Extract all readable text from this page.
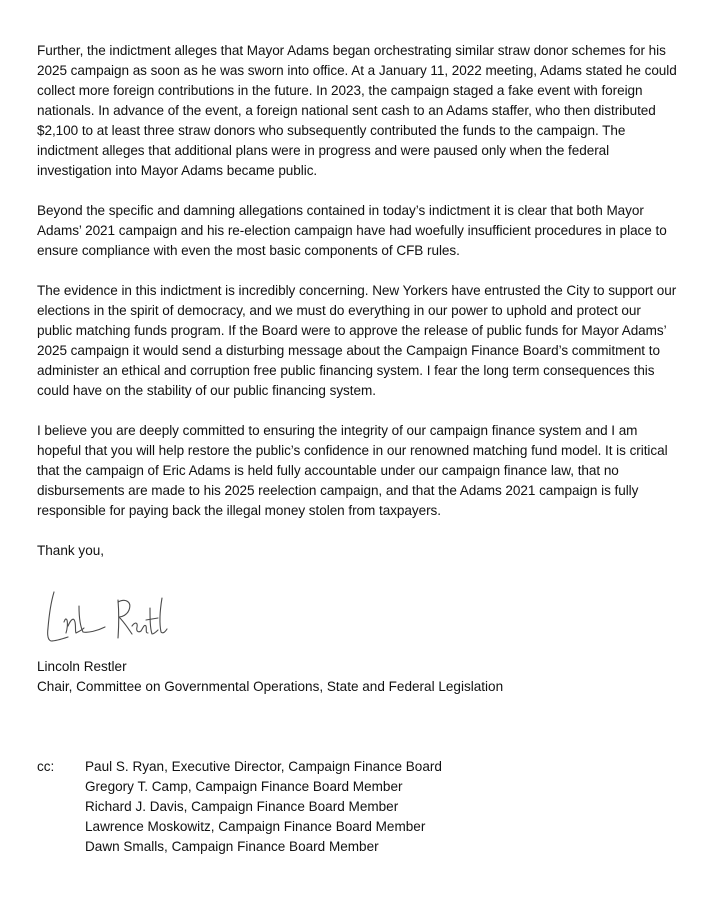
Further, the indictment alleges that Mayor Adams began orchestrating similar straw donor schemes for his 2025 campaign as soon as he was sworn into office. At a January 11, 2022 meeting, Adams stated he could collect more foreign contributions in the future. In 2023, the campaign staged a fake event with foreign nationals. In advance of the event, a foreign national sent cash to an Adams staffer, who then distributed $2,100 to at least three straw donors who subsequently contributed the funds to the campaign. The indictment alleges that additional plans were in progress and were paused only when the federal investigation into Mayor Adams became public.

Beyond the specific and damning allegations contained in today’s indictment it is clear that both Mayor Adams’ 2021 campaign and his re-election campaign have had woefully insufficient procedures in place to ensure compliance with even the most basic components of CFB rules.

The evidence in this indictment is incredibly concerning. New Yorkers have entrusted the City to support our elections in the spirit of democracy, and we must do everything in our power to uphold and protect our public matching funds program. If the Board were to approve the release of public funds for Mayor Adams’ 2025 campaign it would send a disturbing message about the Campaign Finance Board’s commitment to administer an ethical and corruption free public financing system. I fear the long term consequences this could have on the stability of our public financing system.

I believe you are deeply committed to ensuring the integrity of our campaign finance system and I am hopeful that you will help restore the public’s confidence in our renowned matching fund model. It is critical that the campaign of Eric Adams is held fully accountable under our campaign finance law, that no disbursements are made to his 2025 reelection campaign, and that the Adams 2021 campaign is fully responsible for paying back the illegal money stolen from taxpayers.

Thank you,

Lincoln Restler
Chair, Committee on Governmental Operations, State and Federal Legislation
cc:	Paul S. Ryan, Executive Director, Campaign Finance Board
Gregory T. Camp, Campaign Finance Board Member
Richard J. Davis, Campaign Finance Board Member
Lawrence Moskowitz, Campaign Finance Board Member
Dawn Smalls, Campaign Finance Board Member
